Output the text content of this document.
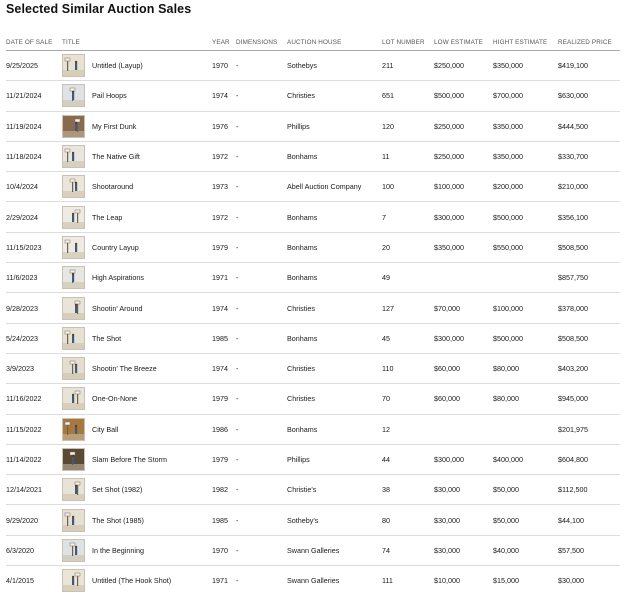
Selected Similar Auction Sales
DATE OF SALE	TITLE	YEAR	DIMENSIONS	AUCTION HOUSE	LOT NUMBER	LOW ESTIMATE	HIGHT ESTIMATE	REALIZED PRICE
9/25/2025	Untitled (Layup)	1970	-	Sothebys	211	$250,000	$350,000	$419,100
11/21/2024	Pail Hoops	1974	-	Christies	651	$500,000	$700,000	$630,000
11/19/2024	My First Dunk	1976	-	Phillips	120	$250,000	$350,000	$444,500
11/18/2024	The Native Gift	1972	-	Bonhams	11	$250,000	$350,000	$330,700
10/4/2024	Shootaround	1973	-	Abell Auction Company	100	$100,000	$200,000	$210,000
2/29/2024	The Leap	1972	-	Bonhams	7	$300,000	$500,000	$356,100
11/15/2023	Country Layup	1979	-	Bonhams	20	$350,000	$550,000	$508,500
11/6/2023	High Aspirations	1971	-	Bonhams	49			$857,750
9/28/2023	Shootin' Around	1974	-	Christies	127	$70,000	$100,000	$378,000
5/24/2023	The Shot	1985	-	Bonhams	45	$300,000	$500,000	$508,500
3/9/2023	Shootin' The Breeze	1974	-	Christies	110	$60,000	$80,000	$403,200
11/16/2022	One-On-None	1979	-	Christies	70	$60,000	$80,000	$945,000
11/15/2022	City Ball	1986	-	Bonhams	12			$201,975
11/14/2022	Slam Before The Storm	1979	-	Phillips	44	$300,000	$400,000	$604,800
12/14/2021	Set Shot (1982)	1982	-	Christie's	38	$30,000	$50,000	$112,500
9/29/2020	The Shot (1985)	1985	-	Sotheby's	80	$30,000	$50,000	$44,100
6/3/2020	In the Beginning	1970	-	Swann Galleries	74	$30,000	$40,000	$57,500
4/1/2015	Untitled (The Hook Shot)	1971	-	Swann Galleries	111	$10,000	$15,000	$30,000
